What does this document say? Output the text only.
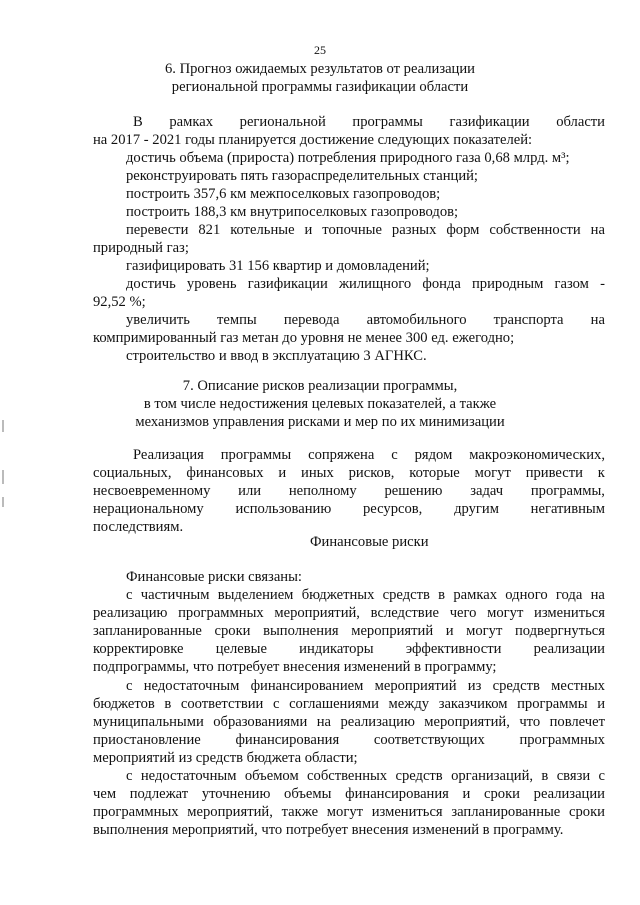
25
6. Прогноз ожидаемых результатов от реализации
региональной программы газификации области
В рамках региональной программы газификации области
на 2017 - 2021 годы планируется достижение следующих показателей:
достичь объема (прироста) потребления природного газа 0,68 млрд. м³;
реконструировать пять газораспределительных станций;
построить 357,6 км межпоселковых газопроводов;
построить 188,3 км внутрипоселковых газопроводов;
перевести 821 котельные и топочные разных форм собственности на
природный газ;
газифицировать 31 156 квартир и домовладений;
достичь уровень газификации жилищного фонда природным газом -
92,52 %;
увеличить темпы перевода автомобильного транспорта на
компримированный газ метан до уровня не менее 300 ед. ежегодно;
строительство и ввод в эксплуатацию 3 АГНКС.
7. Описание рисков реализации программы,
в том числе недостижения целевых показателей, а также
механизмов управления рисками и мер по их минимизации
Реализация программы сопряжена с рядом макроэкономических,
социальных, финансовых и иных рисков, которые могут привести к
несвоевременному или неполному решению задач программы,
нерациональному использованию ресурсов, другим негативным
последствиям.
Финансовые риски
Финансовые риски связаны:
с частичным выделением бюджетных средств в рамках одного года на
реализацию программных мероприятий, вследствие чего могут измениться
запланированные сроки выполнения мероприятий и могут подвергнуться
корректировке целевые индикаторы эффективности реализации
подпрограммы, что потребует внесения изменений в программу;
с недостаточным финансированием мероприятий из средств местных
бюджетов в соответствии с соглашениями между заказчиком программы и
муниципальными образованиями на реализацию мероприятий, что повлечет
приостановление финансирования соответствующих программных
мероприятий из средств бюджета области;
с недостаточным объемом собственных средств организаций, в связи с
чем подлежат уточнению объемы финансирования и сроки реализации
программных мероприятий, также могут измениться запланированные сроки
выполнения мероприятий, что потребует внесения изменений в программу.
